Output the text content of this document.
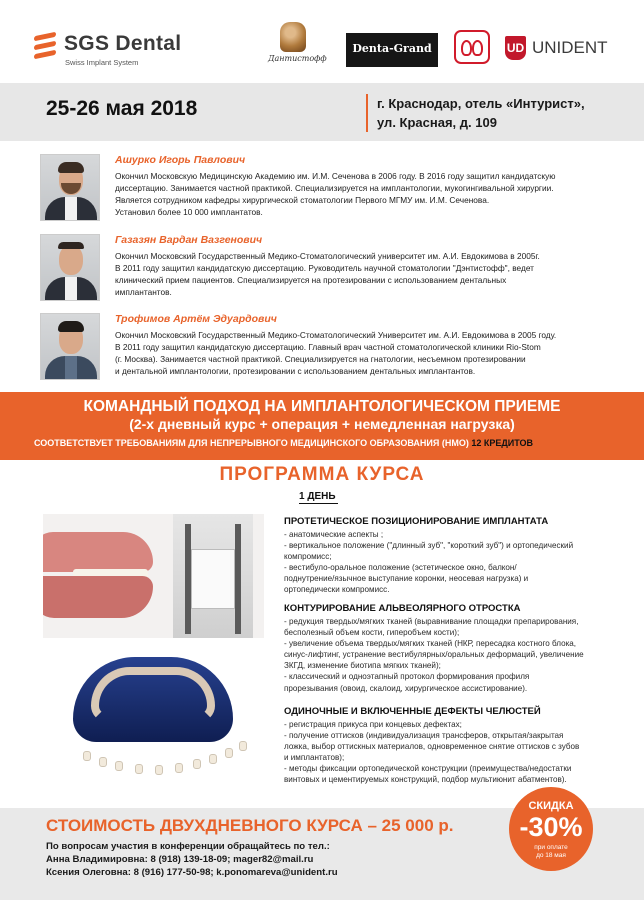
SGS Dental
Swiss Implant System	Дантистофф
Denta-Grand	UD UNIDENT
25-26 мая 2018	г. Краснодар, отель «Интурист»,
ул. Красная, д. 109
Ашурко Игорь Павлович
Окончил Московскую Медицинскую Академию им. И.М. Сеченова в 2006 году. В 2016 году защитил кандидатскую
диссертацию. Занимается частной практикой. Специализируется на имплантологии, мукогингивальной хирургии.
Является сотрудником кафедры хирургической стоматологии Первого МГМУ им. И.М. Сеченова.
Установил более 10 000 имплантатов.
Газазян Вардан Вазгенович
Окончил Московский Государственный Медико-Стоматологический университет им. А.И. Евдокимова в 2005г.
В 2011 году защитил кандидатскую диссертацию. Руководитель научной стоматологии "Дэнтистофф", ведет
клинический прием пациентов. Специализируется на протезировании с использованием дентальных
имплантантов.
Трофимов Артём Эдуардович
Окончил Московский Государственный Медико-Стоматологический Университет им. А.И. Евдокимова в 2005 году.
В 2011 году защитил кандидатскую диссертацию. Главный врач частной стоматологической клиники Rio-Stom
(г. Москва). Занимается частной практикой. Специализируется на гнатологии, несъемном протезировании
и дентальной имплантологии, протезировании с использованием дентальных имплантантов.
КОМАНДНЫЙ ПОДХОД НА ИМПЛАНТОЛОГИЧЕСКОМ ПРИЕМЕ
(2-х дневный курс + операция + немедленная нагрузка)
СООТВЕТСТВУЕТ ТРЕБОВАНИЯМ ДЛЯ НЕПРЕРЫВНОГО МЕДИЦИНСКОГО ОБРАЗОВАНИЯ (НМО) 12 КРЕДИТОВ
ПРОГРАММА КУРСА
1 ДЕНЬ
ПРОТЕТИЧЕСКОЕ ПОЗИЦИОНИРОВАНИЕ ИМПЛАНТАТА
- анатомические аспекты ;
- вертикальное положение ("длинный зуб", "короткий зуб") и ортопедический
компромисс;
- вестибуло-оральное положение (эстетическое окно, балкон/
поднутрение/язычное выступание коронки, неосевая нагрузка) и
ортопедически компромисс.
КОНТУРИРОВАНИЕ АЛЬВЕОЛЯРНОГО ОТРОСТКА
- редукция твердых/мягких тканей (выравнивание площадки препарирования,
бесполезный объем кости, гиперобъем кости);
- увеличение объема твердых/мягких тканей (НКР, пересадка костного блока,
синус-лифтинг, устранение вестибулярных/оральных деформаций, увеличение
ЗКГД, изменение биотипа мягких тканей);
- классический и одноэтапный протокол формирования профиля
прорезывания (овоид, скалоид, хирургическое ассистирование).
ОДИНОЧНЫЕ И ВКЛЮЧЕННЫЕ ДЕФЕКТЫ ЧЕЛЮСТЕЙ
- регистрация прикуса при концевых дефектах;
- получение оттисков (индивидуализация трансферов, открытая/закрытая
ложка, выбор оттискных материалов, одновременное снятие оттисков с зубов
и имплантатов);
- методы фиксации ортопедической конструкции (преимущества/недостатки
винтовых и цементируемых конструкций, подбор мультиюнит абатментов).
СТОИМОСТЬ ДВУХДНЕВНОГО КУРСА – 25 000 р.
По вопросам участия в конференции обращайтесь по тел.:
Анна Владимировна: 8 (918) 139-18-09; mager82@mail.ru
Ксения Олеговна: 8 (916) 177-50-98; k.ponomareva@unident.ru
СКИДКА
-30%
при оплате
до 18 мая
